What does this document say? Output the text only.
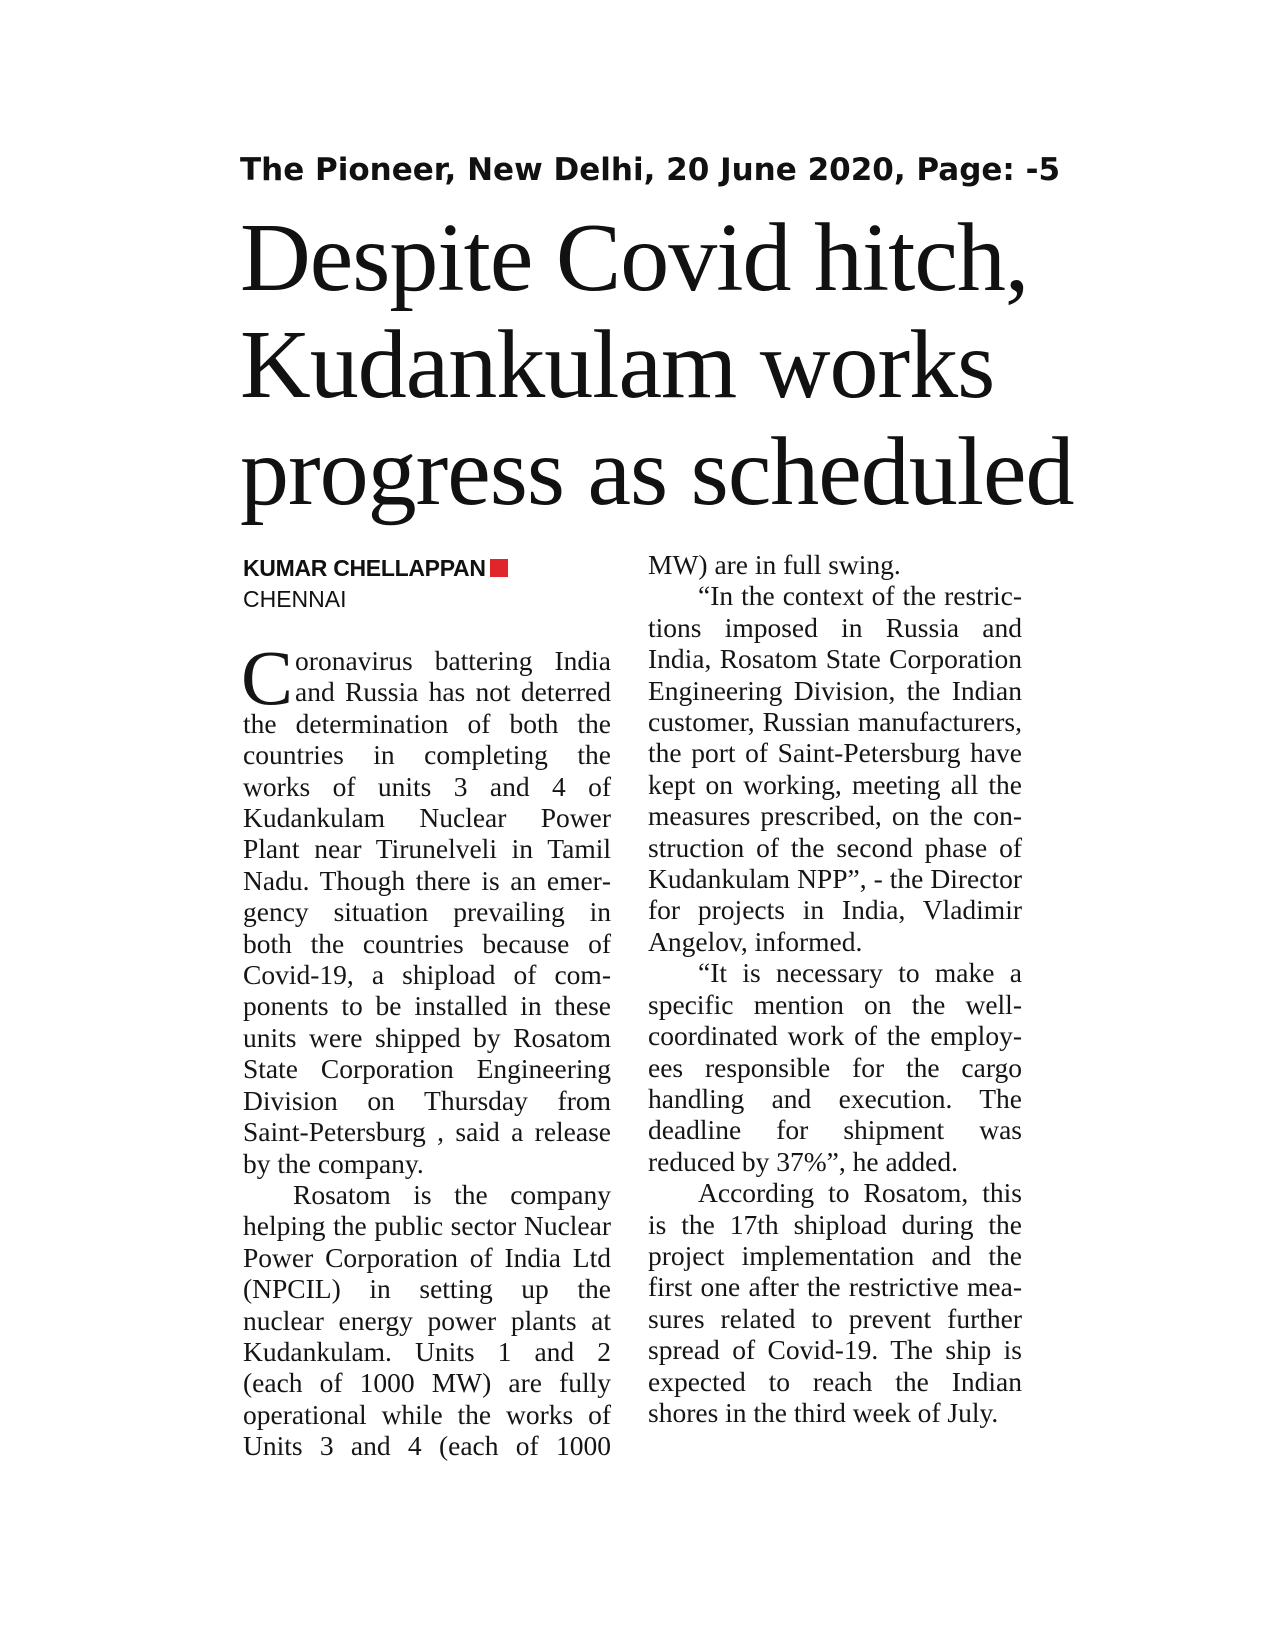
The Pioneer, New Delhi, 20 June 2020, Page: -5
Despite Covid hitch,
Kudankulam works
progress as scheduled
KUMAR CHELLAPPAN
CHENNAI

Coronavirus battering India and Russia has not deterred the determination of both the countries in completing the works of units 3 and 4 of Kudankulam Nuclear Power Plant near Tirunelveli in Tamil Nadu. Though there is an emergency situation prevailing in both the countries because of Covid-19, a shipload of components to be installed in these units were shipped by Rosatom State Corporation Engineering Division on Thursday from Saint-Petersburg , said a release by the company.

Rosatom is the company helping the public sector Nuclear Power Corporation of India Ltd (NPCIL) in setting up the nuclear energy power plants at Kudankulam. Units 1 and 2 (each of 1000 MW) are fully operational while the works of Units 3 and 4 (each of 1000

MW) are in full swing.

“In the context of the restrictions imposed in Russia and India, Rosatom State Corporation Engineering Division, the Indian customer, Russian manufacturers, the port of Saint-Petersburg have kept on working, meeting all the measures prescribed, on the construction of the second phase of Kudankulam NPP”, - the Director for projects in India, Vladimir Angelov, informed.

“It is necessary to make a specific mention on the well-coordinated work of the employees responsible for the cargo handling and execution. The deadline for shipment was reduced by 37%”, he added.

According to Rosatom, this is the 17th shipload during the project implementation and the first one after the restrictive measures related to prevent further spread of Covid-19. The ship is expected to reach the Indian shores in the third week of July.
